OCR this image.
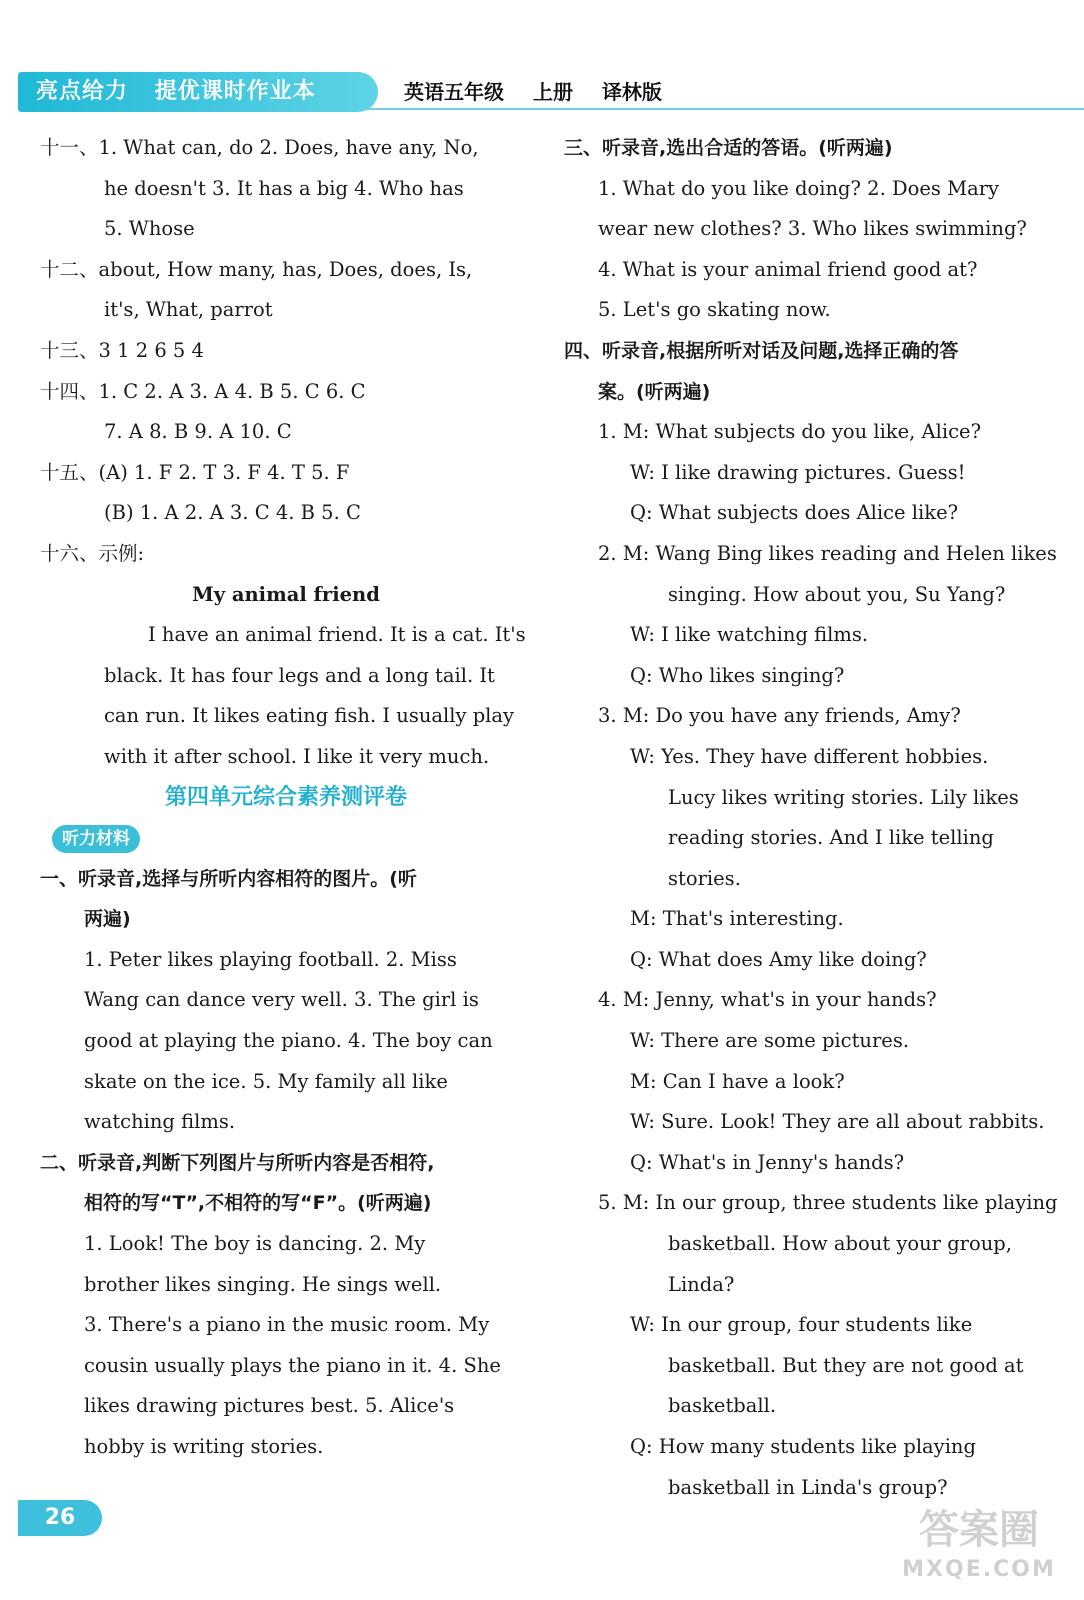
亮点给力 提优课时作业本	英语五年级 上册 译林版
十一、1. What can, do 2. Does, have any, No,
he doesn't 3. It has a big 4. Who has
5. Whose
十二、about, How many, has, Does, does, Is,
it's, What, parrot
十三、3 1 2 6 5 4
十四、1. C 2. A 3. A 4. B 5. C 6. C
7. A 8. B 9. A 10. C
十五、(A) 1. F 2. T 3. F 4. T 5. F
(B) 1. A 2. A 3. C 4. B 5. C
十六、示例:
My animal friend
I have an animal friend. It is a cat. It's
black. It has four legs and a long tail. It
can run. It likes eating fish. I usually play
with it after school. I like it very much.
第四单元综合素养测评卷
听力材料
一、听录音,选择与所听内容相符的图片。(听
两遍)
1. Peter likes playing football. 2. Miss
Wang can dance very well. 3. The girl is
good at playing the piano. 4. The boy can
skate on the ice. 5. My family all like
watching films.
二、听录音,判断下列图片与所听内容是否相符,
相符的写“T”,不相符的写“F”。(听两遍)
1. Look! The boy is dancing. 2. My
brother likes singing. He sings well.
3. There's a piano in the music room. My
cousin usually plays the piano in it. 4. She
likes drawing pictures best. 5. Alice's
hobby is writing stories.
三、听录音,选出合适的答语。(听两遍)
1. What do you like doing? 2. Does Mary
wear new clothes? 3. Who likes swimming?
4. What is your animal friend good at?
5. Let's go skating now.
四、听录音,根据所听对话及问题,选择正确的答
案。(听两遍)
1. M: What subjects do you like, Alice?
W: I like drawing pictures. Guess!
Q: What subjects does Alice like?
2. M: Wang Bing likes reading and Helen likes
singing. How about you, Su Yang?
W: I like watching films.
Q: Who likes singing?
3. M: Do you have any friends, Amy?
W: Yes. They have different hobbies.
Lucy likes writing stories. Lily likes
reading stories. And I like telling
stories.
M: That's interesting.
Q: What does Amy like doing?
4. M: Jenny, what's in your hands?
W: There are some pictures.
M: Can I have a look?
W: Sure. Look! They are all about rabbits.
Q: What's in Jenny's hands?
5. M: In our group, three students like playing
basketball. How about your group,
Linda?
W: In our group, four students like
basketball. But they are not good at
basketball.
Q: How many students like playing
basketball in Linda's group?
26	答案圈
MXQE.COM
